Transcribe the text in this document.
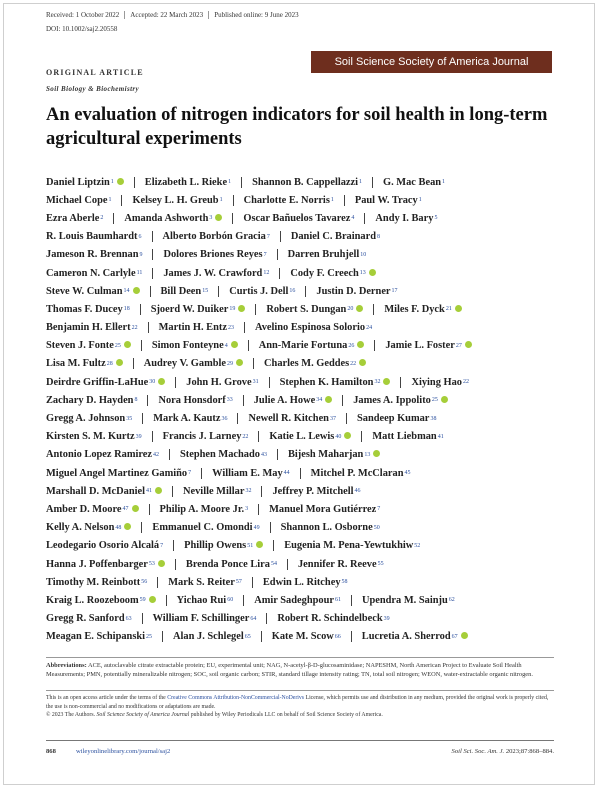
Received: 1 October 2022	Accepted: 22 March 2023	Published online: 9 June 2023
DOI: 10.1002/saj2.20558
Soil Science Society of America Journal
ORIGINAL ARTICLE
Soil Biology & Biochemistry
An evaluation of nitrogen indicators for soil health in long-term agricultural experiments
Daniel Liptzin 1	Elizabeth L. Rieke 1 Shannon B. Cappellazzi 1 G. Mac Bean 1
Michael Cope 1 Kelsey L. H. Greub 1 Charlotte E. Norris 1 Paul W. Tracy 1
Ezra Aberle 2 Amanda Ashworth 3	Oscar Bañuelos Tavarez 4 Andy I. Bary 5
R. Louis Baumhardt 6 Alberto Borbón Gracia 7 Daniel C. Brainard 8
Jameson R. Brennan 9 Dolores Briones Reyes 7 Darren Bruhjell 10
Cameron N. Carlyle 11 James J. W. Crawford 12 Cody F. Creech 13
Steve W. Culman 14	Bill Deen 15 Curtis J. Dell 16 Justin D. Derner 17
Thomas F. Ducey 18 Sjoerd W. Duiker 19	Robert S. Dungan 20	Miles F. Dyck 21
Benjamin H. Ellert 22 Martin H. Entz 23 Avelino Espinosa Solorio 24
Steven J. Fonte 25	Simon Fonteyne 4	Ann-Marie Fortuna 26	Jamie L. Foster 27
Lisa M. Fultz 28	Audrey V. Gamble 29	Charles M. Geddes 22
Deirdre Griffin-LaHue 30	John H. Grove 31 Stephen K. Hamilton 32	Xiying Hao 22
Zachary D. Hayden 8 Nora Honsdorf 33 Julie A. Howe 34	James A. Ippolito 25
Gregg A. Johnson 35 Mark A. Kautz 36 Newell R. Kitchen 37 Sandeep Kumar 38
Kirsten S. M. Kurtz 39 Francis J. Larney 22 Katie L. Lewis 40	Matt Liebman 41
Antonio Lopez Ramirez 42 Stephen Machado 43 Bijesh Maharjan 13
Miguel Angel Martinez Gamiño 7 William E. May 44 Mitchel P. McClaran 45
Marshall D. McDaniel 41	Neville Millar 32 Jeffrey P. Mitchell 46
Amber D. Moore 47	Philip A. Moore Jr. 3 Manuel Mora Gutiérrez 7
Kelly A. Nelson 48	Emmanuel C. Omondi 49 Shannon L. Osborne 50
Leodegario Osorio Alcalá 7 Phillip Owens 51	Eugenia M. Pena-Yewtukhiw 52
Hanna J. Poffenbarger 53	Brenda Ponce Lira 54 Jennifer R. Reeve 55
Timothy M. Reinbott 56 Mark S. Reiter 57 Edwin L. Ritchey 58
Kraig L. Roozeboom 59	Yichao Rui 60 Amir Sadeghpour 61 Upendra M. Sainju 62
Gregg R. Sanford 63 William F. Schillinger 64 Robert R. Schindelbeck 39
Meagan E. Schipanski 25 Alan J. Schlegel 65 Kate M. Scow 66 Lucretia A. Sherrod 67
Abbreviations: ACE, autoclavable citrate extractable protein; EU, experimental unit; NAG, N-acetyl-β-D-glucosaminidase; NAPESHM, North American Project to Evaluate Soil Health Measurements; PMN, potentially mineralizable nitrogen; SOC, soil organic carbon; STIR, standard tillage intensity rating; TN, total soil nitrogen; WEON, water-extractable organic nitrogen.

This is an open access article under the terms of the Creative Commons Attribution-NonCommercial-NoDerivs License, which permits use and distribution in any medium, provided the original work is properly cited, the use is non-commercial and no modifications or adaptations are made.

© 2023 The Authors. Soil Science Society of America Journal published by Wiley Periodicals LLC on behalf of Soil Science Society of America.

868	wileyonlinelibrary.com/journal/saj2	Soil Sci. Soc. Am. J. 2023;87:868–884.
